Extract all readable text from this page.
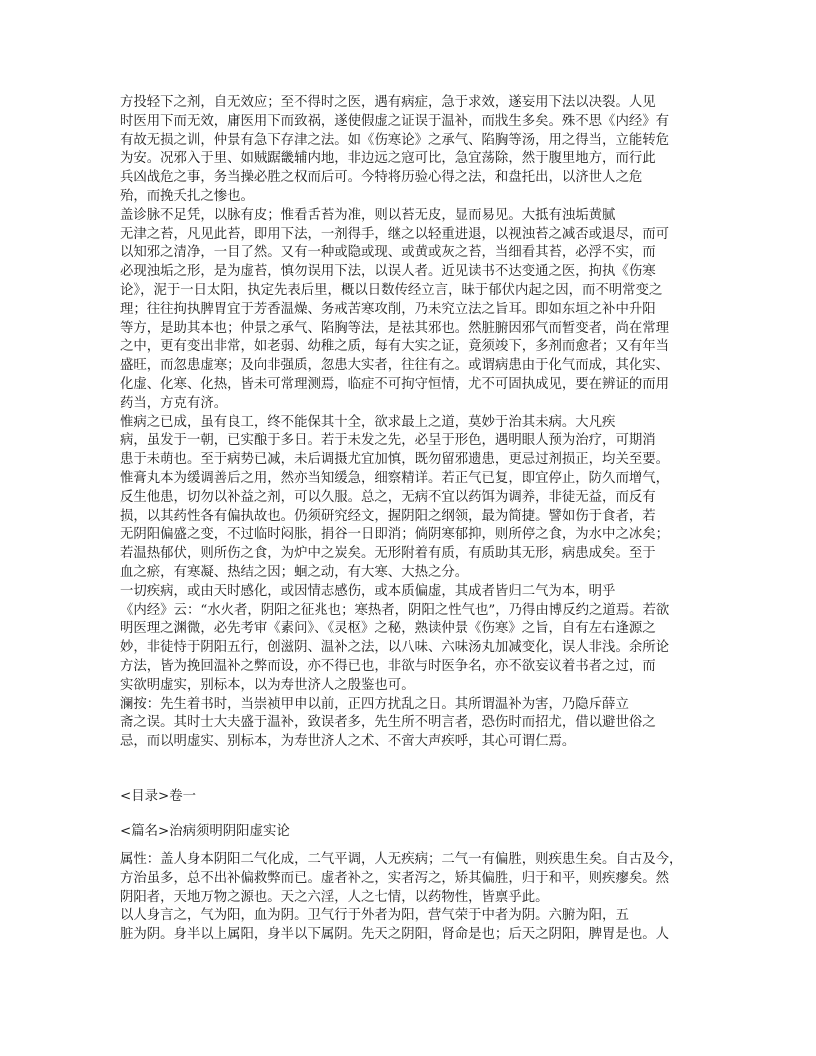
方投轻下之剂，自无效应；至不得时之医，遇有病症，急于求效，遂妄用下法以决裂。人见
时医用下而无效，庸医用下而致祸，遂使假虚之证误于温补，而戕生多矣。殊不思《内经》有
有故无损之训，仲景有急下存津之法。如《伤寒论》之承气、陷胸等汤，用之得当，立能转危
为安。况邪入于里、如贼踞畿辅内地，非边远之寇可比，急宜荡除，然于腹里地方，而行此
兵凶战危之事，务当操必胜之权而后可。今特将历验心得之法，和盘托出，以济世人之危
殆，而挽夭扎之惨也。
盖诊脉不足凭，以脉有皮；惟看舌苔为准，则以苔无皮，显而易见。大抵有浊垢黄腻
无津之苔，凡见此苔，即用下法，一剂得手，继之以轻重进退，以视浊苔之减否或退尽，而可
以知邪之清净，一目了然。又有一种或隐或现、或黄或灰之苔，当细看其苔，必浮不实，而
必现浊垢之形，是为虚苔，慎勿误用下法，以误人者。近见读书不达变通之医，拘执《伤寒
论》，泥于一日太阳，执定先表后里，概以日数传经立言，昧于郁伏内起之因，而不明常变之
理；往往拘执脾胃宜于芳香温燥、务戒苦寒攻削，乃未究立法之旨耳。即如东垣之补中升阳
等方，是助其本也；仲景之承气、陷胸等法，是祛其邪也。然脏腑因邪气而暂变者，尚在常理
之中，更有变出非常，如老弱、幼稚之质，每有大实之证，竟须竣下，多剂而愈者；又有年当
盛旺，而忽患虚寒；及向非强质，忽患大实者，往往有之。或谓病患由于化气而成，其化实、
化虚、化寒、化热，皆未可常理测焉，临症不可拘守恒情，尤不可固执成见，要在辨证的而用
药当，方克有济。
惟病之已成，虽有良工，终不能保其十全，欲求最上之道，莫妙于治其未病。大凡疾
病，虽发于一朝，已实酿于多日。若于未发之先，必呈于形色，遇明眼人预为治疗，可期消
患于未萌也。至于病势已减，未后调摄尤宜加慎，既勿留邪遗患，更忌过剂损正，均关至要。
惟膏丸本为缓调善后之用，然亦当知缓急，细察精详。若正气已复，即宜停止，防久而增气，
反生他患，切勿以补益之剂，可以久服。总之，无病不宜以药饵为调养，非徒无益，而反有
损，以其药性各有偏执故也。仍须研究经文，握阴阳之纲领，最为简捷。譬如伤于食者，若
无阴阳偏盛之变，不过临时闷胀，捐谷一日即消；倘阴寒郁抑，则所停之食，为水中之冰矣；
若温热郁伏，则所伤之食，为炉中之炭矣。无形附着有质，有质助其无形，病患成矣。至于
血之瘀，有寒凝、热结之因；蛔之动，有大寒、大热之分。
一切疾病，或由天时感化，或因情志感伤，或本质偏虚，其成者皆归二气为本，明乎
《内经》云：“水火者，阴阳之征兆也；寒热者，阴阳之性气也”，乃得由博反约之道焉。若欲
明医理之渊微，必先考审《素问》、《灵枢》之秘，熟读仲景《伤寒》之旨，自有左右逢源之
妙，非徒恃于阴阳五行，创滋阴、温补之法，以八味、六味汤丸加减变化，误人非浅。余所论
方法，皆为挽回温补之弊而设，亦不得已也，非欲与时医争名，亦不欲妄议着书者之过，而
实欲明虚实，别标本，以为寿世济人之殷鉴也可。
澜按：先生着书时，当崇祯甲申以前，正四方扰乱之日。其所谓温补为害，乃隐斥薛立
斋之误。其时士大夫盛于温补，致误者多，先生所不明言者，恐伤时而招尤，借以避世俗之
忌，而以明虚实、别标本，为寿世济人之术、不啻大声疾呼，其心可谓仁焉。
<目录>卷一
<篇名>治病须明阴阳虚实论
属性：盖人身本阴阳二气化成，二气平调，人无疾病；二气一有偏胜，则疾患生矣。自古及今，
方治虽多，总不出补偏救弊而已。虚者补之，实者泻之，矫其偏胜，归于和平，则疾瘳矣。然
阴阳者，天地万物之源也。天之六淫，人之七情，以药物性，皆禀乎此。
以人身言之，气为阳，血为阴。卫气行于外者为阳，营气荣于中者为阴。六腑为阳，五
脏为阴。身半以上属阳，身半以下属阴。先天之阴阳，肾命是也；后天之阴阳，脾胃是也。人
